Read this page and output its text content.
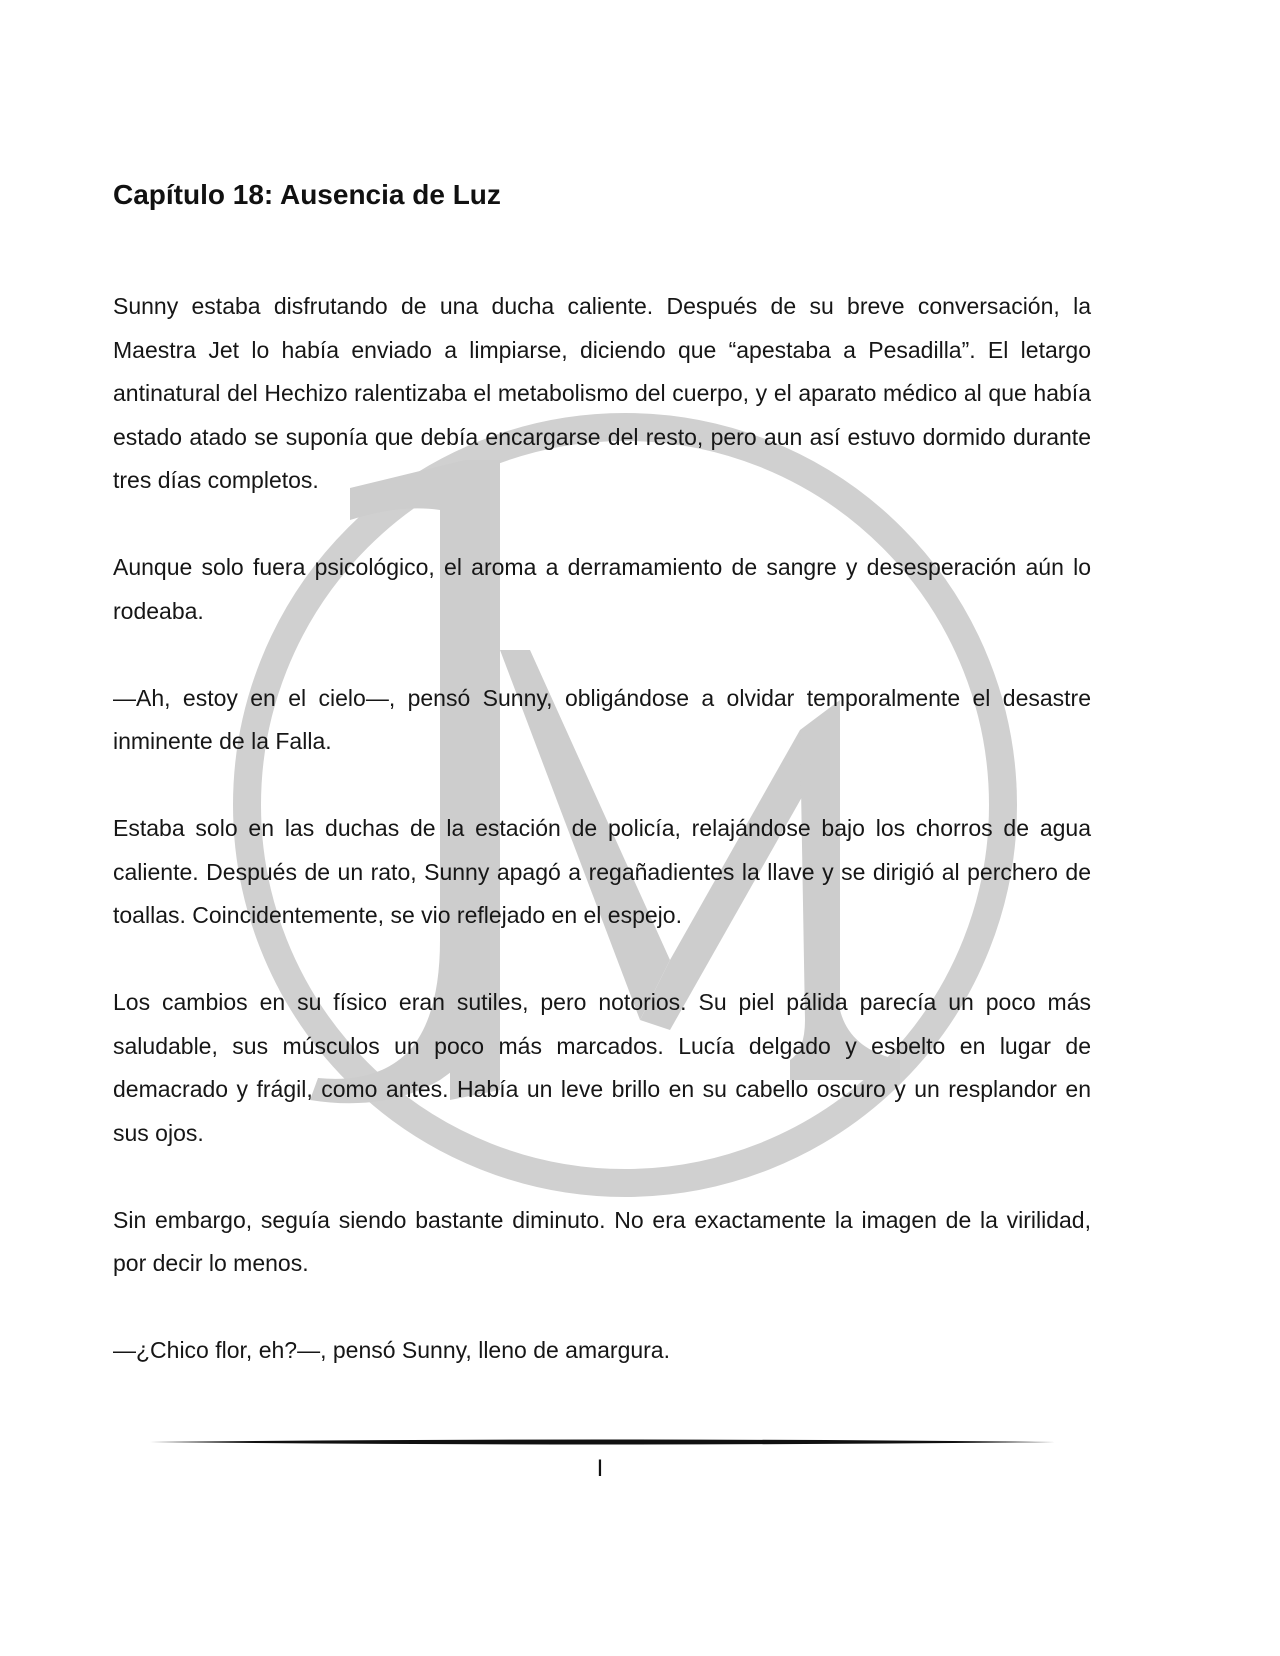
Capítulo 18: Ausencia de Luz

Sunny estaba disfrutando de una ducha caliente. Después de su breve conversación, la Maestra Jet lo había enviado a limpiarse, diciendo que “apestaba a Pesadilla”. El letargo antinatural del Hechizo ralentizaba el metabolismo del cuerpo, y el aparato médico al que había estado atado se suponía que debía encargarse del resto, pero aun así estuvo dormido durante tres días completos.

Aunque solo fuera psicológico, el aroma a derramamiento de sangre y desesperación aún lo rodeaba.

—Ah, estoy en el cielo—, pensó Sunny, obligándose a olvidar temporalmente el desastre inminente de la Falla.

Estaba solo en las duchas de la estación de policía, relajándose bajo los chorros de agua caliente. Después de un rato, Sunny apagó a regañadientes la llave y se dirigió al perchero de toallas. Coincidentemente, se vio reflejado en el espejo.

Los cambios en su físico eran sutiles, pero notorios. Su piel pálida parecía un poco más saludable, sus músculos un poco más marcados. Lucía delgado y esbelto en lugar de demacrado y frágil, como antes. Había un leve brillo en su cabello oscuro y un resplandor en sus ojos.

Sin embargo, seguía siendo bastante diminuto. No era exactamente la imagen de la virilidad, por decir lo menos.

—¿Chico flor, eh?—, pensó Sunny, lleno de amargura.

I
